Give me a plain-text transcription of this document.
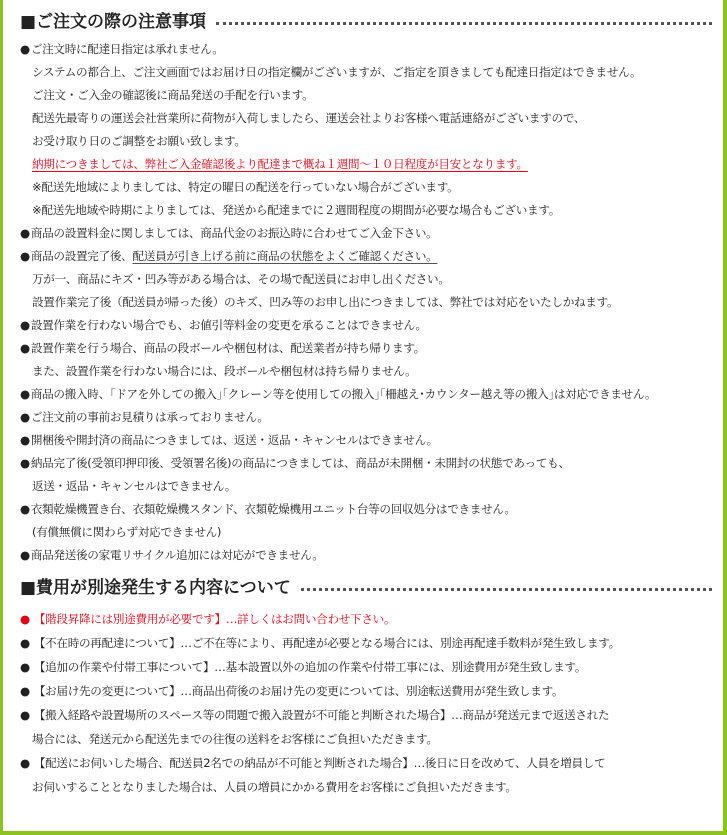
■ご注文の際の注意事項
●ご注文時に配達日指定は承れません。
システムの都合上、ご注文画面ではお届け日の指定欄がございますが、ご指定を頂きましても配達日指定はできません。
ご注文・ご入金の確認後に商品発送の手配を行います。
配送先最寄りの運送会社営業所に荷物が入荷しましたら、運送会社よりお客様へ電話連絡がございますので、
お受け取り日のご調整をお願い致します。
納期につきましては、弊社ご入金確認後より配達まで概ね１週間～１０日程度が目安となります。
※配送先地域によりましては、特定の曜日の配送を行っていない場合がございます。
※配送先地域や時期によりましては、発送から配達までに２週間程度の期間が必要な場合もございます。
●商品の設置料金に関しましては、商品代金のお振込時に合わせてご入金下さい。
●商品の設置完了後、配送員が引き上げる前に商品の状態をよくご確認ください。
万が一、商品にキズ・凹み等がある場合は、その場で配送員にお申し出ください。
設置作業完了後（配送員が帰った後）のキズ、凹み等のお申し出につきましては、弊社では対応をいたしかねます。
●設置作業を行わない場合でも、お値引等料金の変更を承ることはできません。
●設置作業を行う場合、商品の段ボールや梱包材は、配送業者が持ち帰ります。
また、設置作業を行わない場合には、段ボールや梱包材は持ち帰りません。
●商品の搬入時、｢ドアを外しての搬入｣｢クレーン等を使用しての搬入｣｢柵越え･カウンター越え等の搬入｣は対応できません。
●ご注文前の事前お見積りは承っておりません。
●開梱後や開封済の商品につきましては、返送・返品・キャンセルはできません。
●納品完了後(受領印押印後、受領署名後)の商品につきましては、商品が未開梱・未開封の状態であっても、
返送・返品・キャンセルはできません。
●衣類乾燥機置き台、衣類乾燥機スタンド、衣類乾燥機用ユニット台等の回収処分はできません。
(有償無償に関わらず対応できません)
●商品発送後の家電リサイクル追加には対応ができません。
■費用が別途発生する内容について
● 【階段昇降には別途費用が必要です】…詳しくはお問い合わせ下さい。
● 【不在時の再配達について】…ご不在等により、再配達が必要となる場合には、別途再配達手数料が発生致します。
● 【追加の作業や付帯工事について】…基本設置以外の追加の作業や付帯工事には、別途費用が発生致します。
● 【お届け先の変更について】…商品出荷後のお届け先の変更については、別途転送費用が発生致します。
● 【搬入経路や設置場所のスペース等の問題で搬入設置が不可能と判断された場合】…商品が発送元まで返送された
場合には、発送元から配送先までの往復の送料をお客様にご負担いただきます。
● 【配送にお伺いした場合、配送員2名での納品が不可能と判断された場合】…後日に日を改めて、人員を増員して
お伺いすることとなりました場合は、人員の増員にかかる費用をお客様にご負担いただきます。
